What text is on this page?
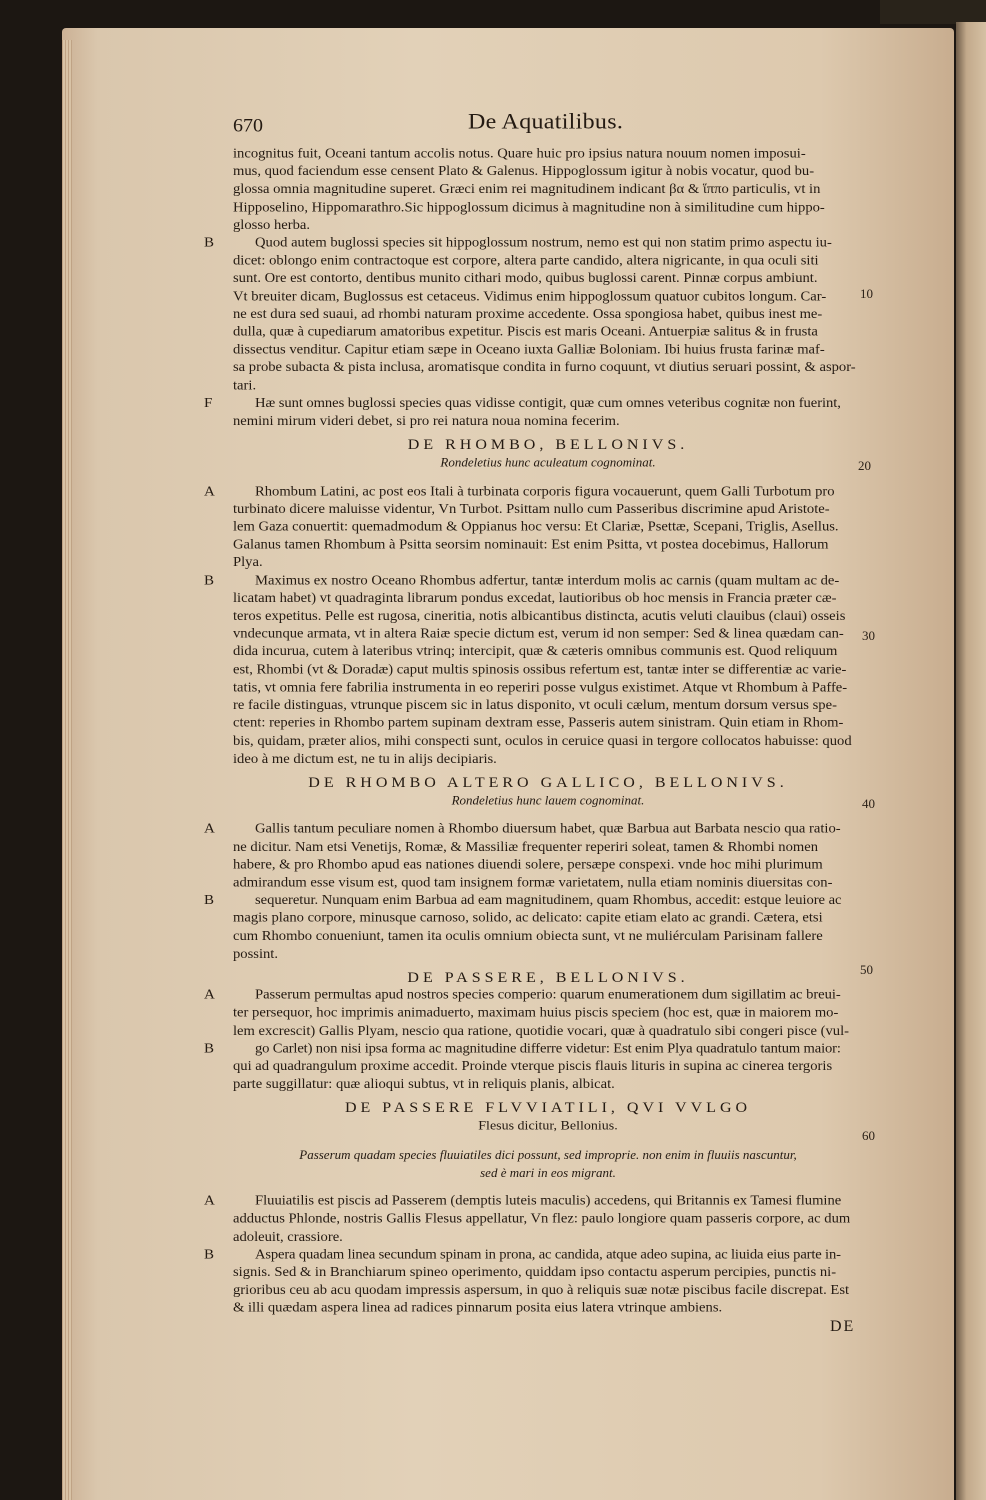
670	De Aquatilibus.
incognitus fuit, Oceani tantum accolis notus. Quare huic pro ipsius natura nouum nomen imposui-
mus, quod faciendum esse censent Plato & Galenus. Hippoglossum igitur à nobis vocatur, quod bu-
glossa omnia magnitudine superet. Græci enim rei magnitudinem indicant βα & ἵππο particulis, vt in
Hipposelino, Hippomarathro.Sic hippoglossum dicimus à magnitudine non à similitudine cum hippo-
glosso herba.
B	Quod autem buglossi species sit hippoglossum nostrum, nemo est qui non statim primo aspectu iu-
dicet: oblongo enim contractoque est corpore, altera parte candido, altera nigricante, in qua oculi siti
sunt. Ore est contorto, dentibus munito cithari modo, quibus buglossi carent. Pinnæ corpus ambiunt.
Vt breuiter dicam, Buglossus est cetaceus. Vidimus enim hippoglossum quatuor cubitos longum. Car-
ne est dura sed suaui, ad rhombi naturam proxime accedente. Ossa spongiosa habet, quibus inest me-
dulla, quæ à cupediarum amatoribus expetitur. Piscis est maris Oceani. Antuerpiæ salitus & in frusta
dissectus venditur. Capitur etiam sæpe in Oceano iuxta Galliæ Boloniam. Ibi huius frusta farinæ maf-
sa probe subacta & pista inclusa, aromatisque condita in furno coquunt, vt diutius seruari possint, & aspor-
tari.
F	Hæ sunt omnes buglossi species quas vidisse contigit, quæ cum omnes veteribus cognitæ non fuerint,
nemini mirum videri debet, si pro rei natura noua nomina fecerim.
DE RHOMBO, BELLONIVS.
Rondeletius hunc aculeatum cognominat.
A	Rhombum Latini, ac post eos Itali à turbinata corporis figura vocauerunt, quem Galli Turbotum pro
turbinato dicere maluisse videntur, Vn Turbot. Psittam nullo cum Passeribus discrimine apud Aristote-
lem Gaza conuertit: quemadmodum & Oppianus hoc versu: Et Clariæ, Psettæ, Scepani, Triglis, Asellus.
Galanus tamen Rhombum à Psitta seorsim nominauit: Est enim Psitta, vt postea docebimus, Hallorum
Plya.
B	Maximus ex nostro Oceano Rhombus adfertur, tantæ interdum molis ac carnis (quam multam ac de-
licatam habet) vt quadraginta librarum pondus excedat, lautioribus ob hoc mensis in Francia præter cæ-
teros expetitus. Pelle est rugosa, cineritia, notis albicantibus distincta, acutis veluti clauibus (claui) osseis
vndecunque armata, vt in altera Raiæ specie dictum est, verum id non semper: Sed & linea quædam can-
dida incurua, cutem à lateribus vtrinq; intercipit, quæ & cæteris omnibus communis est. Quod reliquum
est, Rhombi (vt & Doradæ) caput multis spinosis ossibus refertum est, tantæ inter se differentiæ ac varie-
tatis, vt omnia fere fabrilia instrumenta in eo reperiri posse vulgus existimet. Atque vt Rhombum à Paffe-
re facile distinguas, vtrunque piscem sic in latus disponito, vt oculi cælum, mentum dorsum versus spe-
ctent: reperies in Rhombo partem supinam dextram esse, Passeris autem sinistram. Quin etiam in Rhom-
bis, quidam, præter alios, mihi conspecti sunt, oculos in ceruice quasi in tergore collocatos habuisse: quod
ideo à me dictum est, ne tu in alijs decipiaris.
DE RHOMBO ALTERO GALLICO, BELLONIVS.
Rondeletius hunc lauem cognominat.
A	Gallis tantum peculiare nomen à Rhombo diuersum habet, quæ Barbua aut Barbata nescio qua ratio-
ne dicitur. Nam etsi Venetijs, Romæ, & Massiliæ frequenter reperiri soleat, tamen & Rhombi nomen
habere, & pro Rhombo apud eas nationes diuendi solere, persæpe conspexi. vnde hoc mihi plurimum
admirandum esse visum est, quod tam insignem formæ varietatem, nulla etiam nominis diuersitas con-
B	sequeretur. Nunquam enim Barbua ad eam magnitudinem, quam Rhombus, accedit: estque leuiore ac
magis plano corpore, minusque carnoso, solido, ac delicato: capite etiam elato ac grandi. Cætera, etsi
cum Rhombo conueniunt, tamen ita oculis omnium obiecta sunt, vt ne muliérculam Parisinam fallere
possint.
DE PASSERE, BELLONIVS.
A	Passerum permultas apud nostros species comperio: quarum enumerationem dum sigillatim ac breui-
ter persequor, hoc imprimis animaduerto, maximam huius piscis speciem (hoc est, quæ in maiorem mo-
lem excrescit) Gallis Plyam, nescio qua ratione, quotidie vocari, quæ à quadratulo sibi congeri pisce (vul-
B	go Carlet) non nisi ipsa forma ac magnitudine differre videtur: Est enim Plya quadratulo tantum maior:
qui ad quadrangulum proxime accedit. Proinde vterque piscis flauis lituris in supina ac cinerea tergoris
parte suggillatur: quæ alioqui subtus, vt in reliquis planis, albicat.
DE PASSERE FLVVIATILI, QVI VVLGO
Flesus dicitur, Bellonius.
Passerum quadam species fluuiatiles dici possunt, sed improprie. non enim in fluuiis nascuntur,
sed è mari in eos migrant.
A	Fluuiatilis est piscis ad Passerem (demptis luteis maculis) accedens, qui Britannis ex Tamesi flumine
adductus Phlonde, nostris Gallis Flesus appellatur, Vn flez: paulo longiore quam passeris corpore, ac dum
adoleuit, crassiore.
B	Aspera quadam linea secundum spinam in prona, ac candida, atque adeo supina, ac liuida eius parte in-
signis. Sed & in Branchiarum spineo operimento, quiddam ipso contactu asperum percipies, punctis ni-
grioribus ceu ab acu quodam impressis aspersum, in quo à reliquis suæ notæ piscibus facile discrepat. Est
& illi quædam aspera linea ad radices pinnarum posita eius latera vtrinque ambiens.
10
20
30
40
50
60
DE
